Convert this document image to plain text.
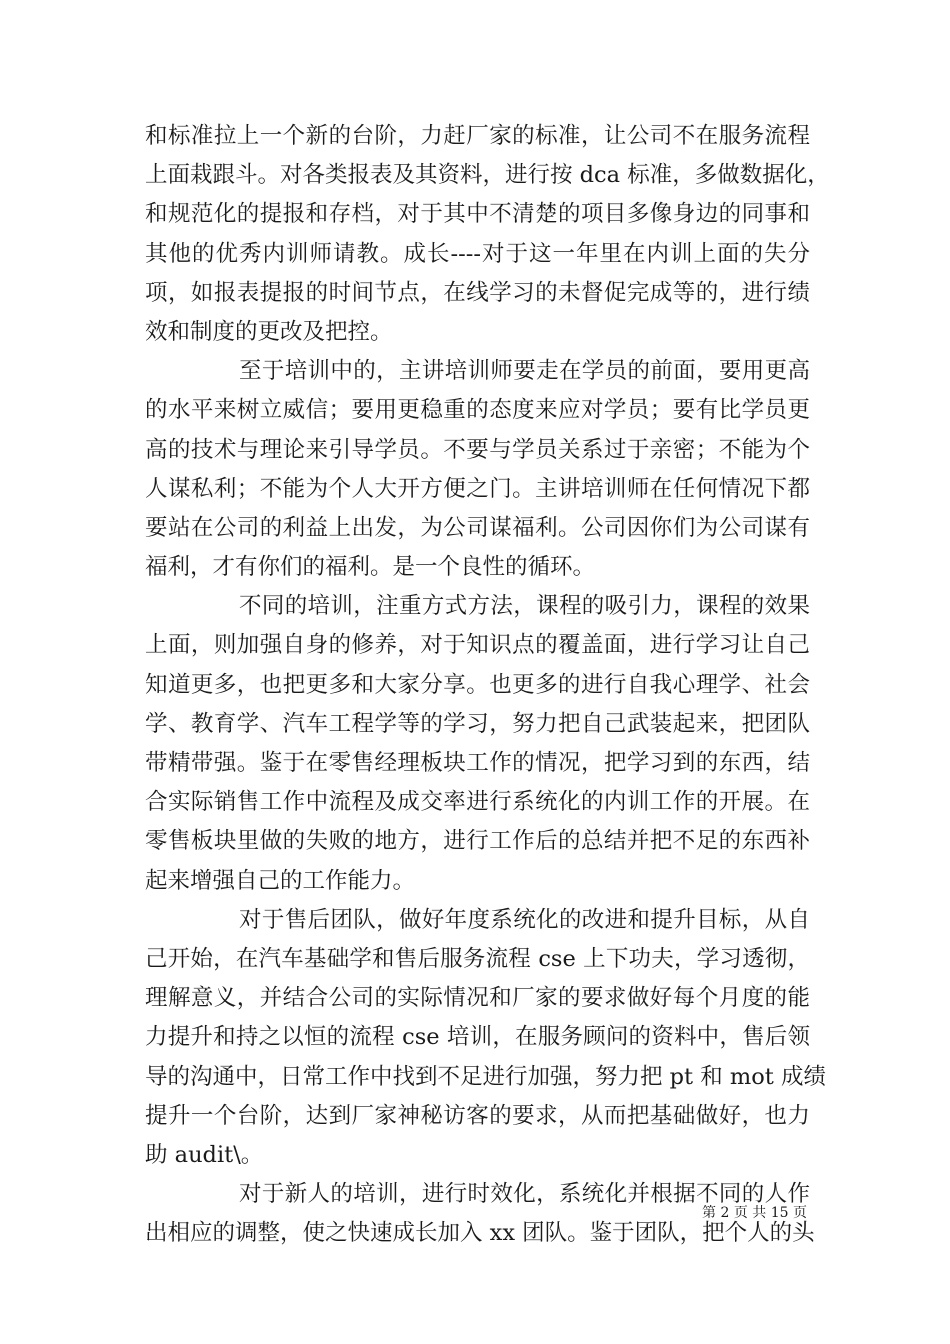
和标准拉上一个新的台阶，力赶厂家的标准，让公司不在服务流程
上面栽跟斗。对各类报表及其资料，进行按 dca 标准，多做数据化，
和规范化的提报和存档，对于其中不清楚的项目多像身边的同事和
其他的优秀内训师请教。成长----对于这一年里在内训上面的失分
项，如报表提报的时间节点，在线学习的未督促完成等的，进行绩
效和制度的更改及把控。
至于培训中的，主讲培训师要走在学员的前面，要用更高
的水平来树立威信；要用更稳重的态度来应对学员；要有比学员更
高的技术与理论来引导学员。不要与学员关系过于亲密；不能为个
人谋私利；不能为个人大开方便之门。主讲培训师在任何情况下都
要站在公司的利益上出发，为公司谋福利。公司因你们为公司谋有
福利，才有你们的福利。是一个良性的循环。
不同的培训，注重方式方法，课程的吸引力，课程的效果
上面，则加强自身的修养，对于知识点的覆盖面，进行学习让自己
知道更多，也把更多和大家分享。也更多的进行自我心理学、社会
学、教育学、汽车工程学等的学习，努力把自己武装起来，把团队
带精带强。鉴于在零售经理板块工作的情况，把学习到的东西，结
合实际销售工作中流程及成交率进行系统化的内训工作的开展。在
零售板块里做的失败的地方，进行工作后的总结并把不足的东西补
起来增强自己的工作能力。
对于售后团队，做好年度系统化的改进和提升目标，从自
己开始，在汽车基础学和售后服务流程 cse 上下功夫，学习透彻，
理解意义，并结合公司的实际情况和厂家的要求做好每个月度的能
力提升和持之以恒的流程 cse 培训，在服务顾问的资料中，售后领
导的沟通中，日常工作中找到不足进行加强，努力把 pt 和 mot 成绩
提升一个台阶，达到厂家神秘访客的要求，从而把基础做好，也力
助 audit\。
对于新人的培训，进行时效化，系统化并根据不同的人作
出相应的调整，使之快速成长加入 xx 团队。鉴于团队，把个人的头
第 2 页 共 15 页
